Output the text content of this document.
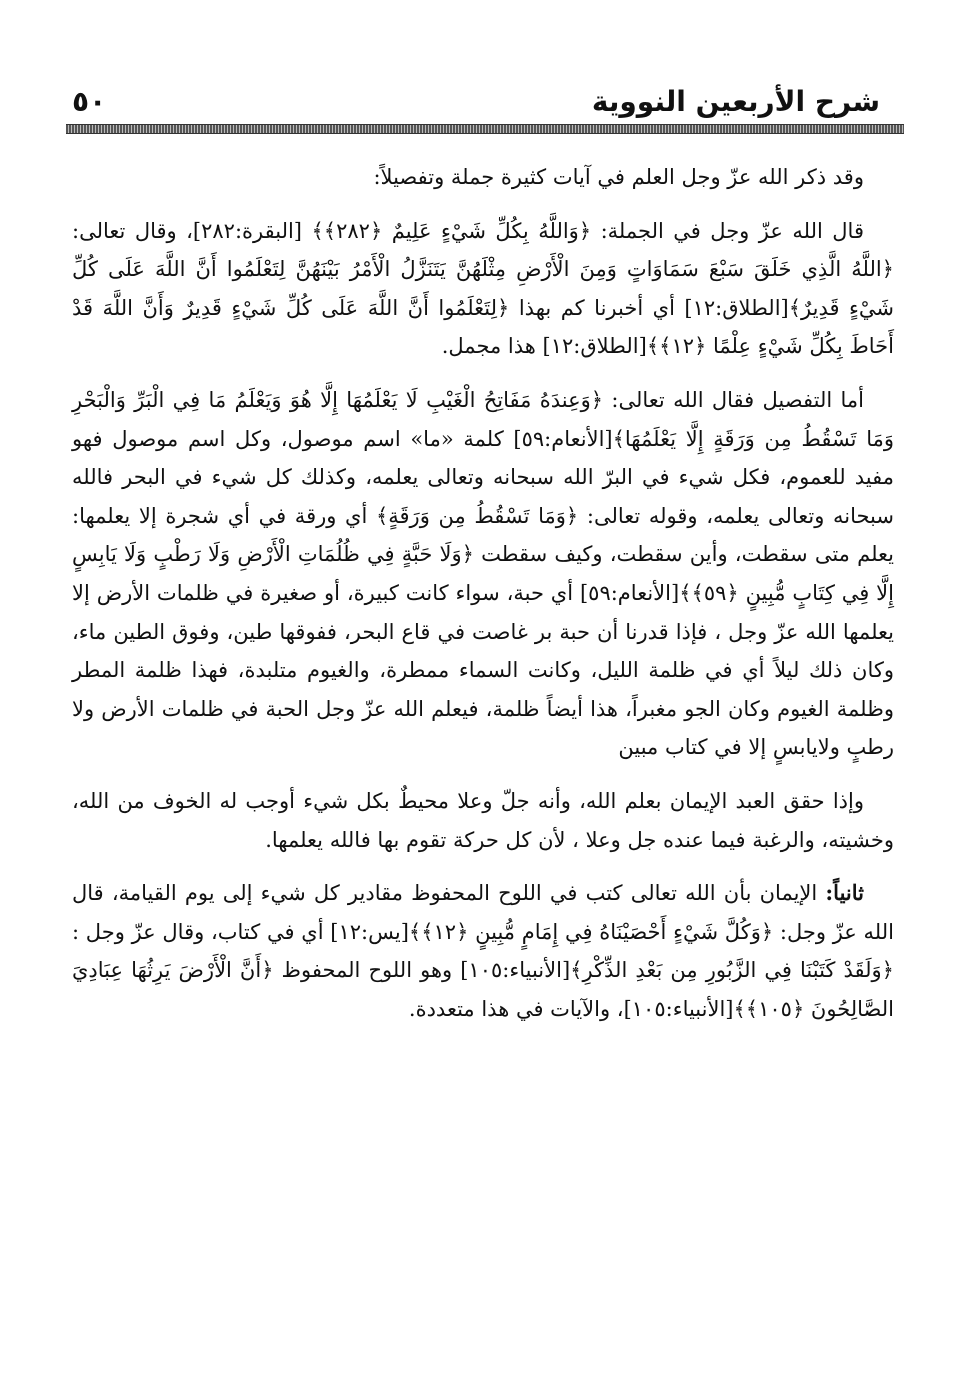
شرح الأربعين النووية
٥٠

وقد ذكر الله عزّ وجل العلم في آيات كثيرة جملة وتفصيلاً:

قال الله عزّ وجل في الجملة: ﴿وَاللَّهُ بِكُلِّ شَيْءٍ عَلِيمٌ ﴿٢٨٢﴾﴾ [البقرة:٢٨٢]، وقال تعالى: ﴿اللَّهُ الَّذِي خَلَقَ سَبْعَ سَمَاوَاتٍ وَمِنَ الْأَرْضِ مِثْلَهُنَّ يَتَنَزَّلُ الْأَمْرُ بَيْنَهُنَّ لِتَعْلَمُوا أَنَّ اللَّهَ عَلَى كُلِّ شَيْءٍ قَدِيرٌ﴾[الطلاق:١٢] أي أخبرنا كم بهذا ﴿لِتَعْلَمُوا أَنَّ اللَّهَ عَلَى كُلِّ شَيْءٍ قَدِيرٌ وَأَنَّ اللَّهَ قَدْ أَحَاطَ بِكُلِّ شَيْءٍ عِلْمًا ﴿١٢﴾﴾[الطلاق:١٢] هذا مجمل.

أما التفصيل فقال الله تعالى: ﴿وَعِندَهُ مَفَاتِحُ الْغَيْبِ لَا يَعْلَمُهَا إِلَّا هُوَ وَيَعْلَمُ مَا فِي الْبَرِّ وَالْبَحْرِ وَمَا تَسْقُطُ مِن وَرَقَةٍ إِلَّا يَعْلَمُهَا﴾[الأنعام:٥٩] كلمة «ما» اسم موصول، وكل اسم موصول فهو مفيد للعموم، فكل شيء في البرّ الله سبحانه وتعالى يعلمه، وكذلك كل شيء في البحر فالله سبحانه وتعالى يعلمه، وقوله تعالى: ﴿وَمَا تَسْقُطُ مِن وَرَقَةٍ﴾ أي ورقة في أي شجرة إلا يعلمها: يعلم متى سقطت، وأين سقطت، وكيف سقطت ﴿وَلَا حَبَّةٍ فِي ظُلُمَاتِ الْأَرْضِ وَلَا رَطْبٍ وَلَا يَابِسٍ إِلَّا فِي كِتَابٍ مُّبِينٍ ﴿٥٩﴾﴾[الأنعام:٥٩] أي حبة، سواء كانت كبيرة، أو صغيرة في ظلمات الأرض إلا يعلمها الله عزّ وجل ، فإذا قدرنا أن حبة بر غاصت في قاع البحر، ففوقها طين، وفوق الطين ماء، وكان ذلك ليلاً أي في ظلمة الليل، وكانت السماء ممطرة، والغيوم متلبدة، فهذا ظلمة المطر وظلمة الغيوم وكان الجو مغبراً، هذا أيضاً ظلمة، فيعلم الله عزّ وجل الحبة في ظلمات الأرض ولا رطبٍ ولايابسٍ إلا في كتاب مبين

وإذا حقق العبد الإيمان بعلم الله، وأنه جلّ وعلا محيطٌ بكل شيء أوجب له الخوف من الله، وخشيته، والرغبة فيما عنده جل وعلا ، لأن كل حركة تقوم بها فالله يعلمها.

ثانياً: الإيمان بأن الله تعالى كتب في اللوح المحفوظ مقادير كل شيء إلى يوم القيامة، قال الله عزّ وجل: ﴿وَكُلَّ شَيْءٍ أَحْصَيْنَاهُ فِي إِمَامٍ مُّبِينٍ ﴿١٢﴾﴾[يس:١٢] أي في كتاب، وقال عزّ وجل : ﴿وَلَقَدْ كَتَبْنَا فِي الزَّبُورِ مِن بَعْدِ الذِّكْرِ﴾[الأنبياء:١٠٥] وهو اللوح المحفوظ ﴿أَنَّ الْأَرْضَ يَرِثُهَا عِبَادِيَ الصَّالِحُونَ ﴿١٠٥﴾﴾[الأنبياء:١٠٥]، والآيات في هذا متعددة.
